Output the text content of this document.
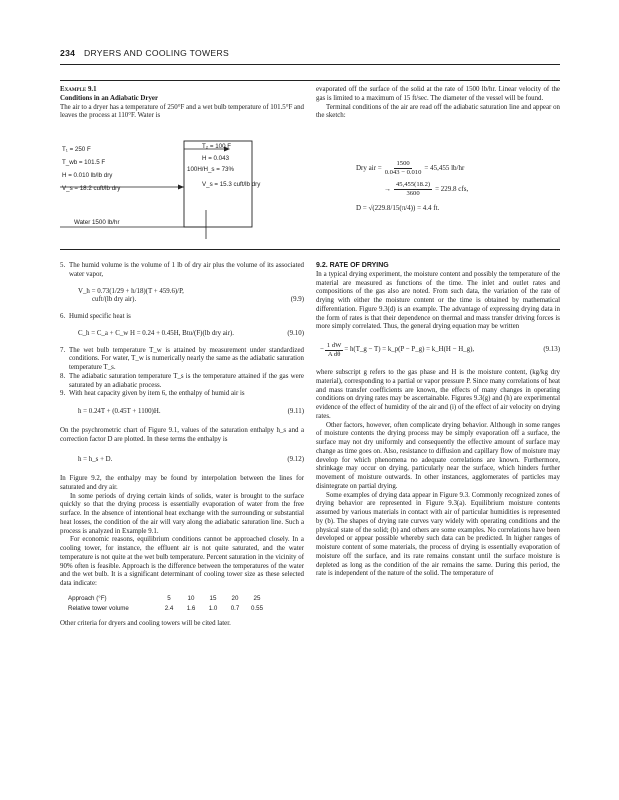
234 DRYERS AND COOLING TOWERS

Example 9.1

Conditions in an Adiabatic Dryer

The air to a dryer has a temperature of 250°F and a wet bulb temperature of 101.5°F and leaves the process at 110°F. Water is

T₁ = 250 F
T_wb = 101.5 F
H = 0.010 lb/lb dry
V_s = 18.2 cuft/lb dry
T₂ = 100 F
H = 0.043
100H/H_s = 73%
V_s = 15.3 cuft/lb dry
Water 1500 lb/hr

evaporated off the surface of the solid at the rate of 1500 lb/hr. Linear velocity of the gas is limited to a maximum of 15 ft/sec. The diameter of the vessel will be found.

Terminal conditions of the air are read off the adiabatic saturation line and appear on the sketch:

Dry air = $\frac{1500}{0.043 - 0.010} = 45,455$ lb/hr
→ $\frac{45,455(18.2)}{3600} = 229.8$ cfs,
D = √(229.8/15(π/4)) = 4.4 ft.

5. The humid volume is the volume of 1 lb of dry air plus the volume of its associated water vapor,

V_h = 0.73(1/29 + h/18)(T + 459.6)/P,
cuft/(lb dry air).	(9.9)

6. Humid specific heat is

C_h = C_a + C_w H = 0.24 + 0.45H, Btu/(F)(lb dry air).	(9.10)

7. The wet bulb temperature T_w is attained by measurement under standardized conditions. For water, T_w is numerically nearly the same as the adiabatic saturation temperature T_s.

8. The adiabatic saturation temperature T_s is the temperature attained if the gas were saturated by an adiabatic process.

9. With heat capacity given by item 6, the enthalpy of humid air is

h = 0.24T + (0.45T + 1100)H.	(9.11)

On the psychrometric chart of Figure 9.1, values of the saturation enthalpy h_s and a correction factor D are plotted. In these terms the enthalpy is

h = h_s + D.	(9.12)

In Figure 9.2, the enthalpy may be found by interpolation between the lines for saturated and dry air.

In some periods of drying certain kinds of solids, water is brought to the surface quickly so that the drying process is essentially evaporation of water from the free surface. In the absence of intentional heat exchange with the surrounding or substantial heat losses, the condition of the air will vary along the adiabatic saturation line. Such a process is analyzed in Example 9.1.

For economic reasons, equilibrium conditions cannot be approached closely. In a cooling tower, for instance, the effluent air is not quite saturated, and the water temperature is not quite at the wet bulb temperature. Percent saturation in the vicinity of 90% often is feasible. Approach is the difference between the temperatures of the water and the wet bulb. It is a significant determinant of cooling tower size as these selected data indicate:

Approach (°F)	5	10	15	20	25
Relative tower volume	2.4	1.6	1.0	0.7	0.55

Other criteria for dryers and cooling towers will be cited later.

9.2. RATE OF DRYING

In a typical drying experiment, the moisture content and possibly the temperature of the material are measured as functions of the time. The inlet and outlet rates and compositions of the gas also are noted. From such data, the variation of the rate of drying with either the moisture content or the time is obtained by mathematical differentiation. Figure 9.3(d) is an example. The advantage of expressing drying data in the form of rates is that their dependence on thermal and mass transfer driving forces is more simply correlated. Thus, the general drying equation may be written

− $\frac{1 dW}{\text{A dθ}}$ = h(T_g − T) = k_p(P − P_g) = k_H(H − H_g),	(9.13)

where subscript g refers to the gas phase and H is the moisture content, (kg/kg dry material), corresponding to a partial or vapor pressure P. Since many correlations of heat and mass transfer coefficients are known, the effects of many changes in operating conditions on drying rates may be ascertainable. Figures 9.3(g) and (h) are experimental evidence of the effect of humidity of the air and (i) of the effect of air velocity on drying rates.

Other factors, however, often complicate drying behavior. Although in some ranges of moisture contents the drying process may be simply evaporation off a surface, the surface may not dry uniformly and consequently the effective amount of surface may change as time goes on. Also, resistance to diffusion and capillary flow of moisture may develop for which phenomena no adequate correlations are known. Furthermore, shrinkage may occur on drying, particularly near the surface, which hinders further movement of moisture outwards. In other instances, agglomerates of particles may disintegrate on partial drying.

Some examples of drying data appear in Figure 9.3. Commonly recognized zones of drying behavior are represented in Figure 9.3(a). Equilibrium moisture contents assumed by various materials in contact with air of particular humidities is represented by (b). The shapes of drying rate curves vary widely with operating conditions and the physical state of the solid; (b) and others are some examples. No correlations have been developed or appear possible whereby such data can be predicted. In higher ranges of moisture content of some materials, the process of drying is essentially evaporation of moisture off the surface, and its rate remains constant until the surface moisture is depleted as long as the condition of the air remains the same. During this period, the rate is independent of the nature of the solid. The temperature of
